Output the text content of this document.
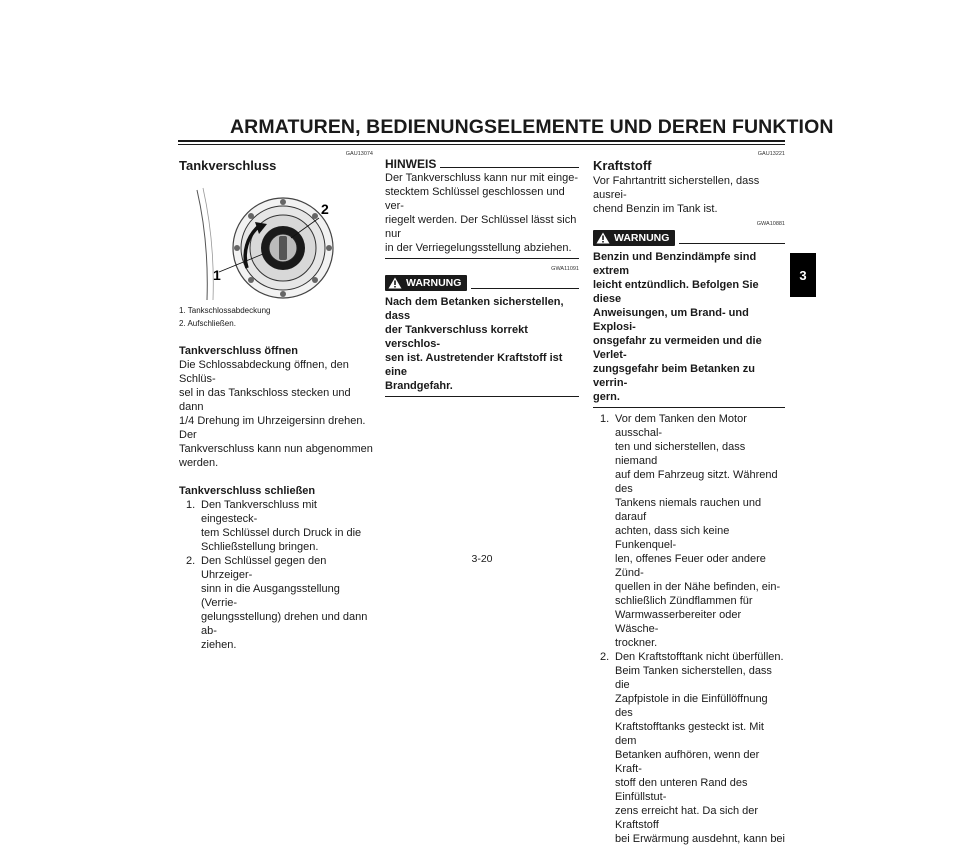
ARMATUREN, BEDIENUNGSELEMENTE UND DEREN FUNKTION
3
GAU13074
Tankverschluss
1
2
1. Tankschlossabdeckung
2. Aufschließen.
Tankverschluss öffnen

Die Schlossabdeckung öffnen, den Schlüs-
sel in das Tankschloss stecken und dann
1/4 Drehung im Uhrzeigersinn drehen. Der
Tankverschluss kann nun abgenommen
werden.

Tankverschluss schließen
1. Den Tankverschluss mit eingesteck-
tem Schlüssel durch Druck in die
Schließstellung bringen.
2. Den Schlüssel gegen den Uhrzeiger-
sinn in die Ausgangsstellung (Verrie-
gelungsstellung) drehen und dann ab-
ziehen.
HINWEIS

Der Tankverschluss kann nur mit einge-
stecktem Schlüssel geschlossen und ver-
riegelt werden. Der Schlüssel lässt sich nur
in der Verriegelungsstellung abziehen.

GWA11091
WARNUNG

Nach dem Betanken sicherstellen, dass
der Tankverschluss korrekt verschlos-
sen ist. Austretender Kraftstoff ist eine
Brandgefahr.

GAU13221
Kraftstoff

Vor Fahrtantritt sicherstellen, dass ausrei-
chend Benzin im Tank ist.

GWA10881
WARNUNG

Benzin und Benzindämpfe sind extrem
leicht entzündlich. Befolgen Sie diese
Anweisungen, um Brand- und Explosi-
onsgefahr zu vermeiden und die Verlet-
zungsgefahr beim Betanken zu verrin-
gern.

1. Vor dem Tanken den Motor ausschal-
ten und sicherstellen, dass niemand
auf dem Fahrzeug sitzt. Während des
Tankens niemals rauchen und darauf
achten, dass sich keine Funkenquel-
len, offenes Feuer oder andere Zünd-
quellen in der Nähe befinden, ein-
schließlich Zündflammen für
Warmwasserbereiter oder Wäsche-
trockner.
2. Den Kraftstofftank nicht überfüllen.
Beim Tanken sicherstellen, dass die
Zapfpistole in die Einfüllöffnung des
Kraftstofftanks gesteckt ist. Mit dem
Betanken aufhören, wenn der Kraft-
stoff den unteren Rand des Einfüllstut-
zens erreicht hat. Da sich der Kraftstoff
bei Erwärmung ausdehnt, kann bei
3-20
